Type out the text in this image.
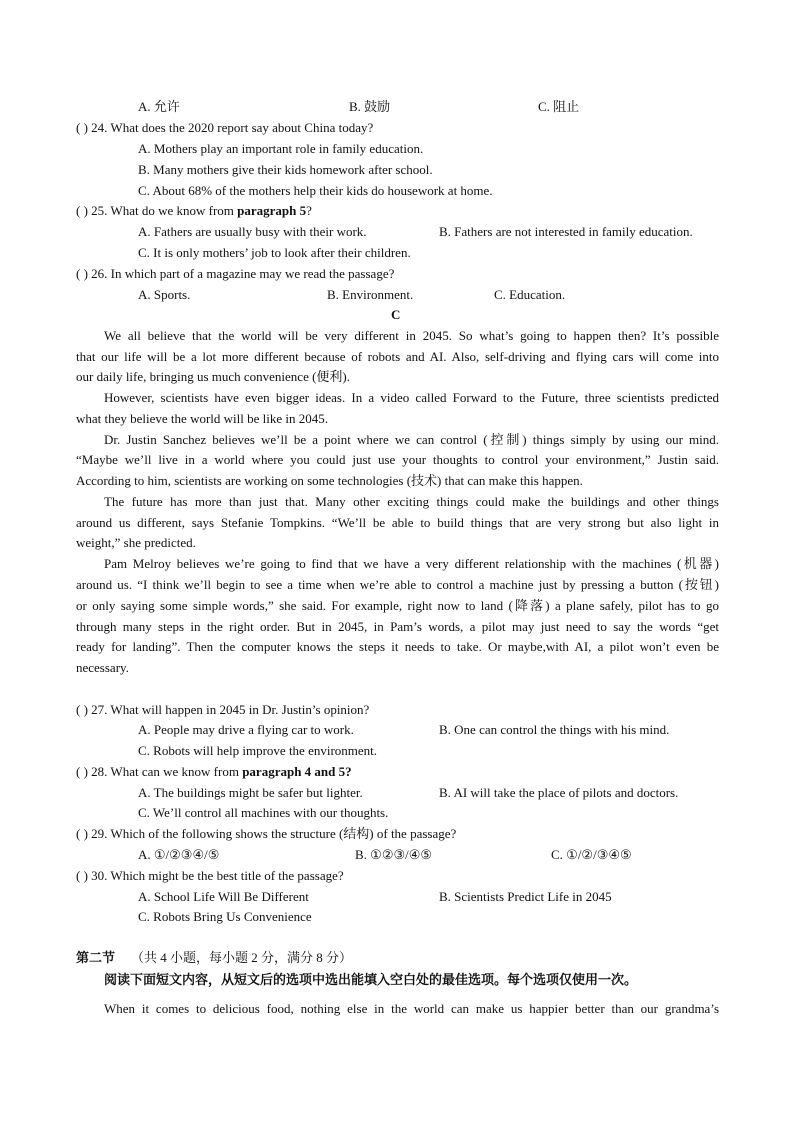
A. 允许	B. 鼓励	C. 阻止
( ) 24. What does the 2020 report say about China today?
A. Mothers play an important role in family education.
B. Many mothers give their kids homework after school.
C. About 68% of the mothers help their kids do housework at home.
( ) 25. What do we know from paragraph 5?
A. Fathers are usually busy with their work.	B. Fathers are not interested in family education.
C. It is only mothers’ job to look after their children.
( ) 26. In which part of a magazine may we read the passage?
A. Sports.	B. Environment.	C. Education.
C
We all believe that the world will be very different in 2045. So what’s going to happen then? It’s possible
that our life will be a lot more different because of robots and AI. Also, self-driving and flying cars will come into
our daily life, bringing us much convenience (便利).
However, scientists have even bigger ideas. In a video called Forward to the Future, three scientists predicted
what they believe the world will be like in 2045.
Dr. Justin Sanchez believes we’ll be a point where we can control (控制) things simply by using our mind.
“Maybe we’ll live in a world where you could just use your thoughts to control your environment,” Justin said.
According to him, scientists are working on some technologies (技术) that can make this happen.
The future has more than just that. Many other exciting things could make the buildings and other things
around us different, says Stefanie Tompkins. “We’ll be able to build things that are very strong but also light in
weight,” she predicted.
Pam Melroy believes we’re going to find that we have a very different relationship with the machines (机器)
around us. “I think we’ll begin to see a time when we’re able to control a machine just by pressing a button (按钮)
or only saying some simple words,” she said. For example, right now to land (降落) a plane safely, pilot has to go
through many steps in the right order. But in 2045, in Pam’s words, a pilot may just need to say the words “get
ready for landing”. Then the computer knows the steps it needs to take. Or maybe,with AI, a pilot won’t even be
necessary.
( ) 27. What will happen in 2045 in Dr. Justin’s opinion?
A. People may drive a flying car to work.	B. One can control the things with his mind.
C. Robots will help improve the environment.
( ) 28. What can we know from paragraph 4 and 5?
A. The buildings might be safer but lighter.	B. AI will take the place of pilots and doctors.
C. We’ll control all machines with our thoughts.
( ) 29. Which of the following shows the structure (结构) of the passage?
A. ①/②③④/⑤	B. ①②③/④⑤	C. ①/②/③④⑤
( ) 30. Which might be the best title of the passage?
A. School Life Will Be Different	B. Scientists Predict Life in 2045
C. Robots Bring Us Convenience
第二节 （共 4 小题，每小题 2 分，满分 8 分）
阅读下面短文内容，从短文后的选项中选出能填入空白处的最佳选项。每个选项仅使用一次。
When it comes to delicious food, nothing else in the world can make us happier better than our grandma’s
